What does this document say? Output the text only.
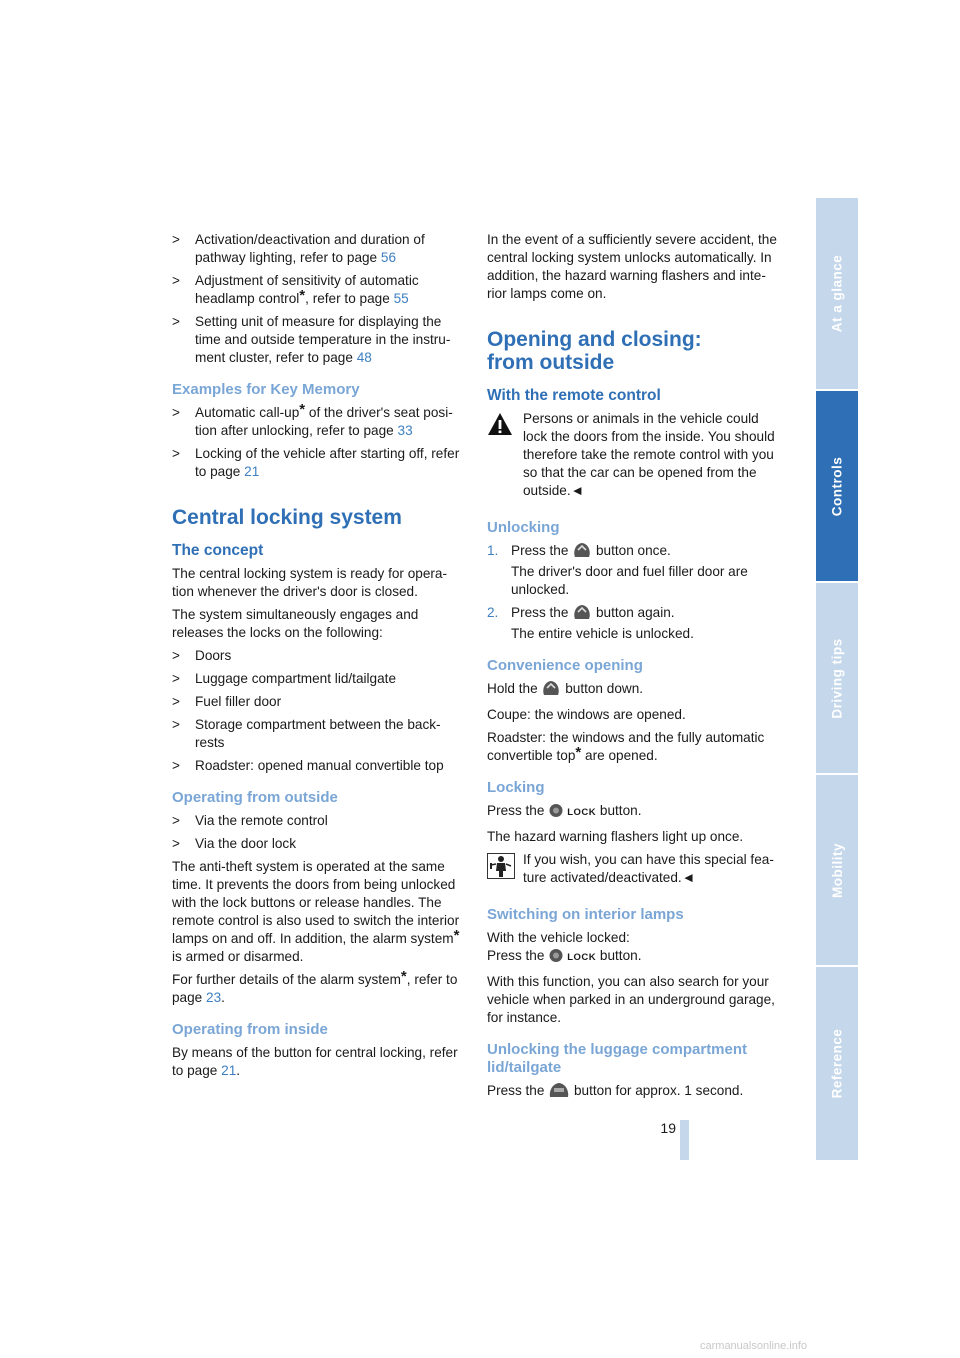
> Activation/deactivation and duration of pathway lighting, refer to page 56
> Adjustment of sensitivity of automatic headlamp control*, refer to page 55
> Setting unit of measure for displaying the time and outside temperature in the instru-ment cluster, refer to page 48
Examples for Key Memory
> Automatic call-up* of the driver's seat posi-tion after unlocking, refer to page 33
> Locking of the vehicle after starting off, refer to page 21
Central locking system
The concept

The central locking system is ready for opera-tion whenever the driver's door is closed.

The system simultaneously engages and releases the locks on the following:

> Doors
> Luggage compartment lid/tailgate
> Fuel filler door
> Storage compartment between the back-rests
> Roadster: opened manual convertible top
Operating from outside
> Via the remote control
> Via the door lock

The anti-theft system is operated at the same time. It prevents the doors from being unlocked with the lock buttons or release handles. The remote control is also used to switch the interior lamps on and off. In addition, the alarm system* is armed or disarmed.

For further details of the alarm system*, refer to page 23.

Operating from inside

By means of the button for central locking, refer to page 21.

In the event of a sufficiently severe accident, the central locking system unlocks automatically. In addition, the hazard warning flashers and inte-rior lamps come on.

Opening and closing:
from outside
With the remote control
Persons or animals in the vehicle could lock the doors from the inside. You should therefore take the remote control with you so that the car can be opened from the outside.◄
Unlocking
1. Press the  button once.
The driver's door and fuel filler door are unlocked.
2. Press the  button again.
The entire vehicle is unlocked.
Convenience opening

Hold the  button down.

Coupe: the windows are opened.

Roadster: the windows and the fully automatic convertible top* are opened.

Locking

Press the LOCK button.

The hazard warning flashers light up once.

If you wish, you can have this special fea-ture activated/deactivated.◄
Switching on interior lamps

With the vehicle locked:
Press the LOCK button.

With this function, you can also search for your vehicle when parked in an underground garage, for instance.

Unlocking the luggage compartment lid/tailgate

Press the  button for approx. 1 second.

At a glance
Controls
Driving tips
Mobility
Reference
19
carmanualsonline.info
